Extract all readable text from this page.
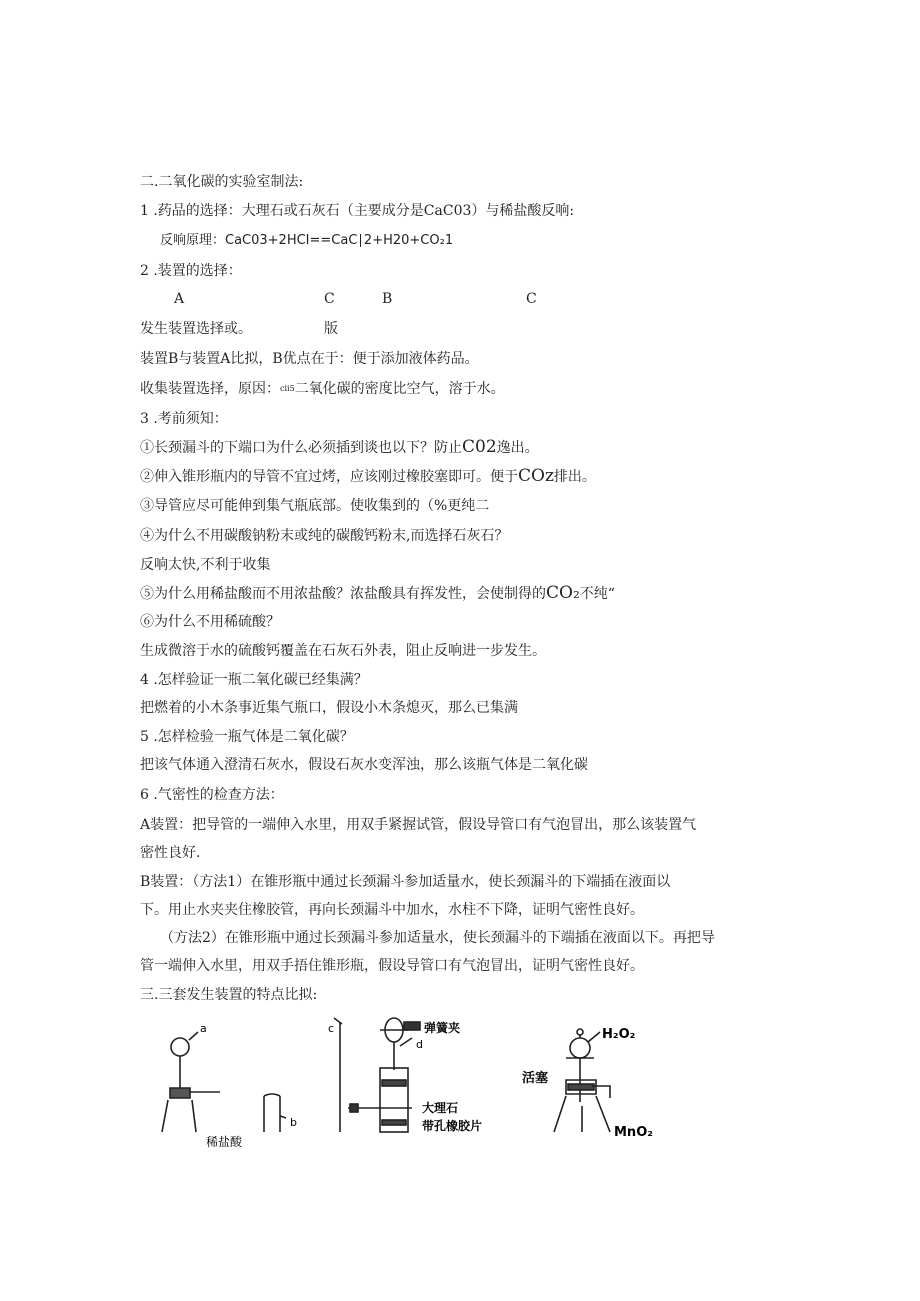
二.二氧化碳的实验室制法:
1 .药品的选择：大理石或石灰石（主要成分是CaC03）与稀盐酸反响:
反响原理：CaC03+2HCI==CaC∣2+H20+CO₂1
2 .装置的选择：
A	C	B	C
发生装置选择或。	版
装置B与装置A比拟，B优点在于：便于添加液体药品。
收集装置选择，原因：$^{cii5}$二氧化碳的密度比空气，溶于水。
3 .考前须知：
①长颈漏斗的下端口为什么必须插到谈也以下？防止C02逸出。
②伸入锥形瓶内的导管不宜过烤，应该刚过橡胶塞即可。便于COz排出。
③导管应尽可能伸到集气瓶底部。使收集到的（%更纯二
④为什么不用碳酸钠粉末或纯的碳酸钙粉末,而选择石灰石？
反响太快,不利于收集
⑤为什么用稀盐酸而不用浓盐酸？浓盐酸具有挥发性，会使制得的CO₂不纯“
⑥为什么不用稀硫酸？
生成微溶于水的硫酸钙覆盖在石灰石外表，阻止反响进一步发生。
4 .怎样验证一瓶二氧化碳已经集满？
把燃着的小木条事近集气瓶口，假设小木条熄灭，那么已集满
5 .怎样检验一瓶气体是二氧化碳？
把该气体通入澄清石灰水，假设石灰水变浑浊，那么该瓶气体是二氧化碳
6 .气密性的检查方法：
A装置：把导管的一端伸入水里，用双手紧握试管，假设导管口有气泡冒出，那么该装置气
密性良好.
B装置：（方法1）在锥形瓶中通过长颈漏斗参加适量水，使长颈漏斗的下端插在液面以
下。用止水夹夹住橡胶管，再向长颈漏斗中加水，水柱不下降，证明气密性良好。
（方法2）在锥形瓶中通过长颈漏斗参加适量水，使长颈漏斗的下端插在液面以下。再把导
管一端伸入水里，用双手捂住锥形瓶，假设导管口有气泡冒出，证明气密性良好。
三.三套发生装置的特点比拟:
a
b
稀盐酸
c
d
弹簧夹
大理石
带孔橡胶片
活塞
H₂O₂
MnO₂
